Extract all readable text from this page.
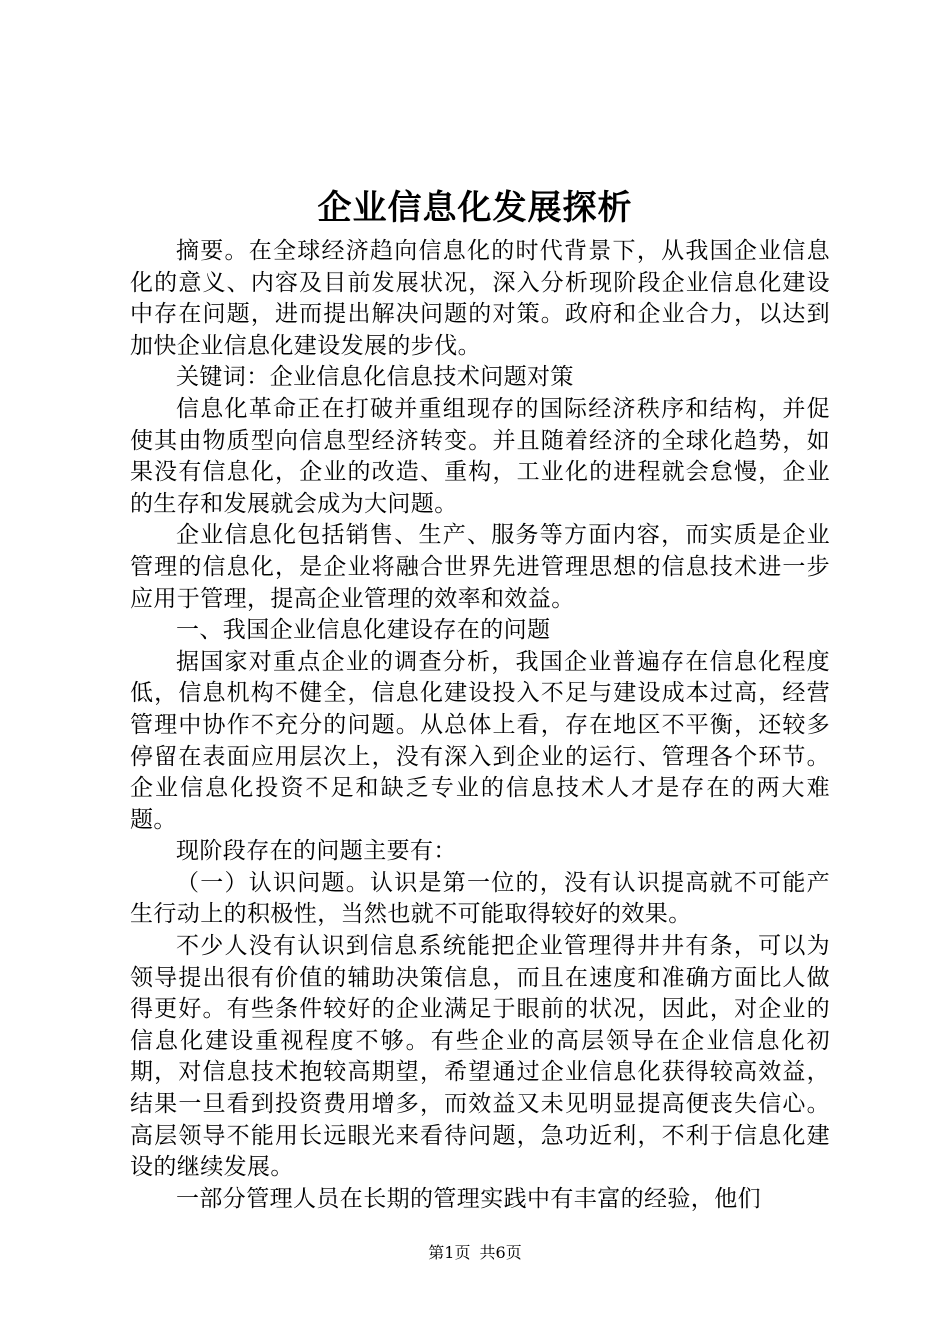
企业信息化发展探析

摘要。在全球经济趋向信息化的时代背景下，从我国企业信息化的意义、内容及目前发展状况，深入分析现阶段企业信息化建设中存在问题，进而提出解决问题的对策。政府和企业合力，以达到加快企业信息化建设发展的步伐。

关键词：企业信息化信息技术问题对策

信息化革命正在打破并重组现存的国际经济秩序和结构，并促使其由物质型向信息型经济转变。并且随着经济的全球化趋势，如果没有信息化，企业的改造、重构，工业化的进程就会怠慢，企业的生存和发展就会成为大问题。

企业信息化包括销售、生产、服务等方面内容，而实质是企业管理的信息化，是企业将融合世界先进管理思想的信息技术进一步应用于管理，提高企业管理的效率和效益。

一、我国企业信息化建设存在的问题

据国家对重点企业的调查分析，我国企业普遍存在信息化程度低，信息机构不健全，信息化建设投入不足与建设成本过高，经营管理中协作不充分的问题。从总体上看，存在地区不平衡，还较多停留在表面应用层次上，没有深入到企业的运行、管理各个环节。企业信息化投资不足和缺乏专业的信息技术人才是存在的两大难题。

现阶段存在的问题主要有：

（一）认识问题。认识是第一位的，没有认识提高就不可能产生行动上的积极性，当然也就不可能取得较好的效果。

不少人没有认识到信息系统能把企业管理得井井有条，可以为领导提出很有价值的辅助决策信息，而且在速度和准确方面比人做得更好。有些条件较好的企业满足于眼前的状况，因此，对企业的信息化建设重视程度不够。有些企业的高层领导在企业信息化初期，对信息技术抱较高期望，希望通过企业信息化获得较高效益，结果一旦看到投资费用增多，而效益又未见明显提高便丧失信心。高层领导不能用长远眼光来看待问题，急功近利，不利于信息化建设的继续发展。

一部分管理人员在长期的管理实践中有丰富的经验，他们

第1页 共6页
